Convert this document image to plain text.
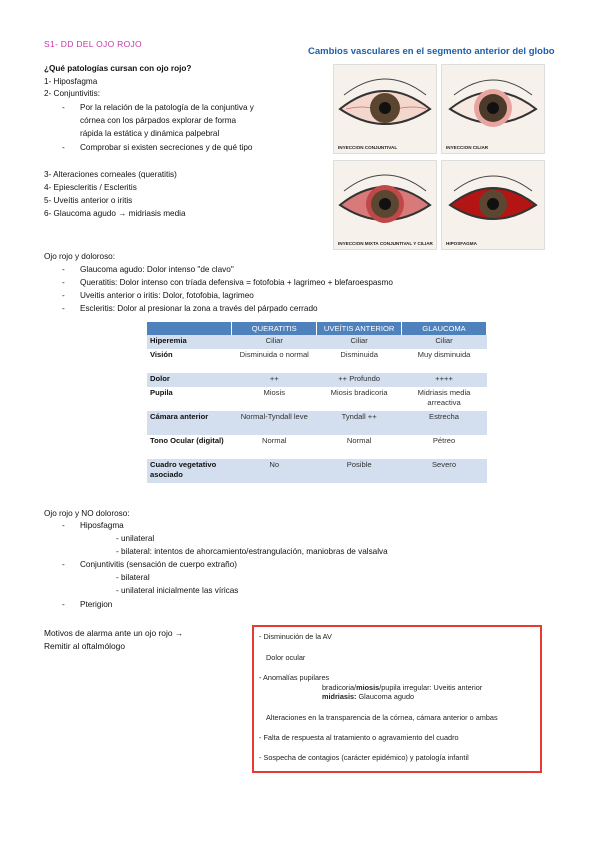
S1- DD DEL OJO ROJO
Cambios vasculares en el segmento anterior del globo
INYECCION CONJUNTIVAL	INYECCION CILIAR
INYECCION MIXTA CONJUNTIVAL Y CILIAR	HIPOSFAGMA
¿Qué patologías cursan con ojo rojo?
1- Hiposfagma
2- Conjuntivitis:
- Por la relación de la patología de la conjuntiva y
córnea con los párpados explorar de forma
rápida la estática y dinámica palpebral
- Comprobar si existen secreciones y de qué tipo
3- Alteraciones corneales (queratitis)
4- Epiescleritis / Escleritis
5- Uveítis anterior o iritis
6- Glaucoma agudo → midriasis media
Ojo rojo y doloroso:
- Glaucoma agudo: Dolor intenso "de clavo"
- Queratitis: Dolor intenso con tríada defensiva = fotofobia + lagrimeo + blefaroespasmo
- Uveitis anterior o iritis: Dolor, fotofobia, lagrimeo
- Escleritis: Dolor al presionar la zona a través del párpado cerrado
	QUERATITIS	UVEÍTIS ANTERIOR	GLAUCOMA
Hiperemia	Ciliar	Ciliar	Ciliar
Visión	Disminuida o normal	Disminuida	Muy disminuida
Dolor	++	++ Profundo	++++
Pupila	Miosis	Miosis bradicoria	Midriasis media arreactiva
Cámara anterior	Normal-Tyndall leve	Tyndall ++	Estrecha
Tono Ocular (digital)	Normal	Normal	Pétreo
Cuadro vegetativo asociado	No	Posible	Severo
Ojo rojo y NO doloroso:
- Hiposfagma
- unilateral
- bilateral: intentos de ahorcamiento/estrangulación, maniobras de valsalva
- Conjuntivitis (sensación de cuerpo extraño)
- bilateral
- unilateral inicialmente las víricas
- Pterigion
Motivos de alarma ante un ojo rojo →
Remitir al oftalmólogo
- Disminución de la AV
Dolor ocular
- Anomalías pupilares
bradicoria/miosis/pupila irregular: Uveitis anterior
midriasis: Glaucoma agudo
Alteraciones en la transparencia de la córnea, cámara anterior o ambas
- Falta de respuesta al tratamiento o agravamiento del cuadro
- Sospecha de contagios (carácter epidémico) y patología infantil
